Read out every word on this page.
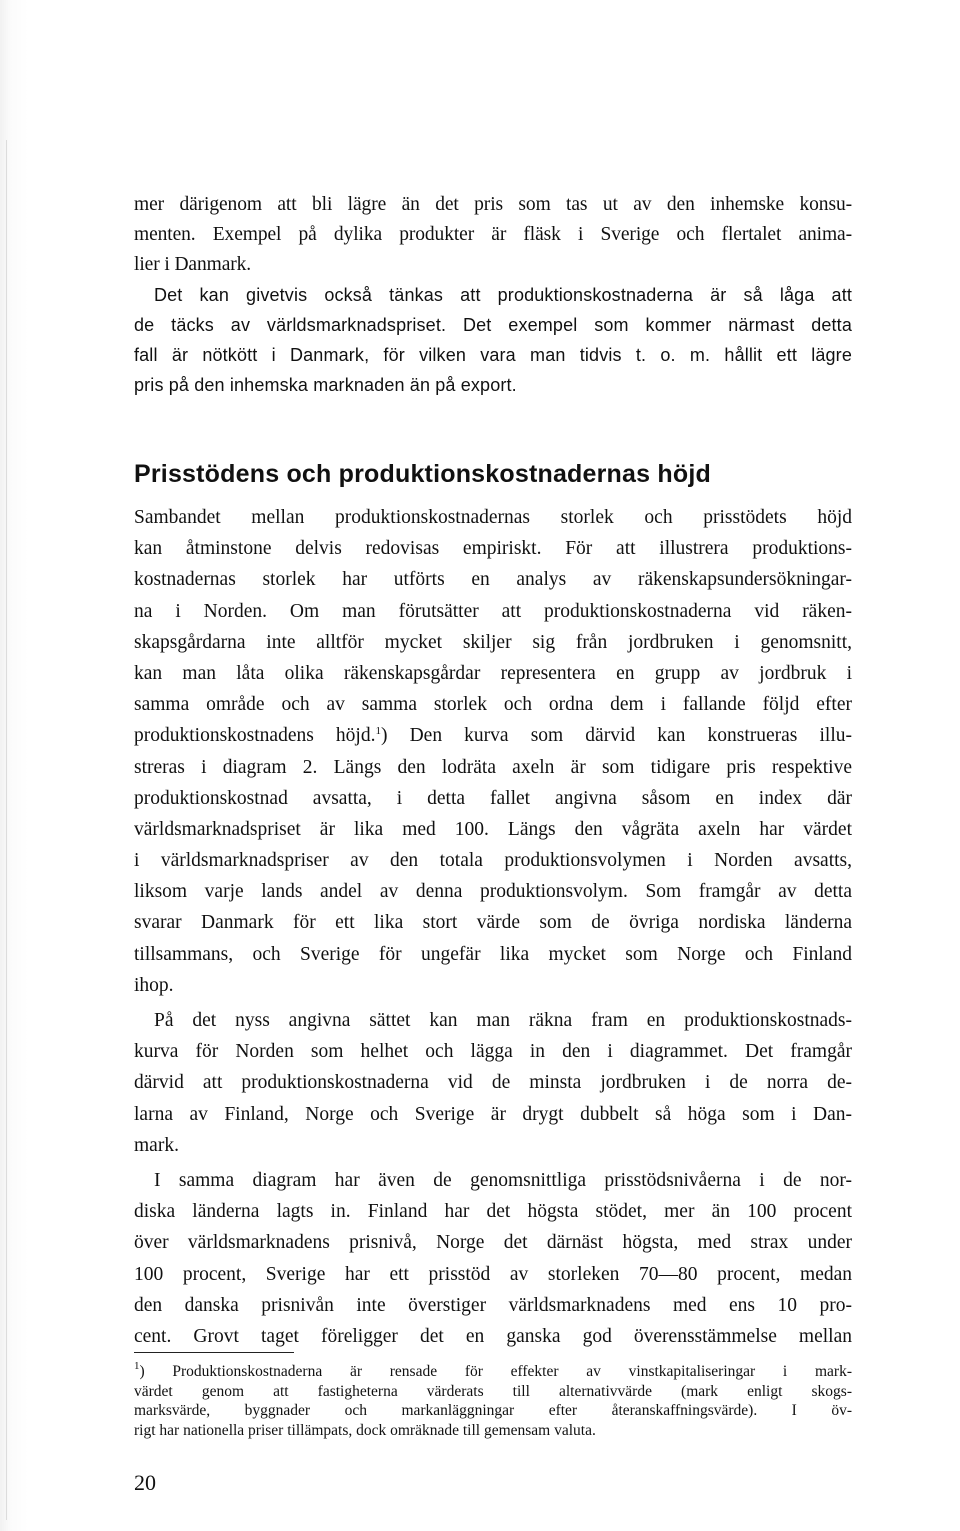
mer därigenom att bli lägre än det pris som tas ut av den inhemske konsu-
menten. Exempel på dylika produkter är fläsk i Sverige och flertalet anima-
lier i Danmark.
Det kan givetvis också tänkas att produktionskostnaderna är så låga att
de täcks av världsmarknadspriset. Det exempel som kommer närmast detta
fall är nötkött i Danmark, för vilken vara man tidvis t. o. m. hållit ett lägre
pris på den inhemska marknaden än på export.
Prisstödens och produktionskostnadernas höjd
Sambandet mellan produktionskostnadernas storlek och prisstödets höjd
kan åtminstone delvis redovisas empiriskt. För att illustrera produktions-
kostnadernas storlek har utförts en analys av räkenskapsundersökningar-
na i Norden. Om man förutsätter att produktionskostnaderna vid räken-
skapsgårdarna inte alltför mycket skiljer sig från jordbruken i genomsnitt,
kan man låta olika räkenskapsgårdar representera en grupp av jordbruk i
samma område och av samma storlek och ordna dem i fallande följd efter
produktionskostnadens höjd.$^1$) Den kurva som därvid kan konstrueras illu-
streras i diagram 2. Längs den lodräta axeln är som tidigare pris respektive
produktionskostnad avsatta, i detta fallet angivna såsom en index där
världsmarknadspriset är lika med 100. Längs den vågräta axeln har värdet
i världsmarknadspriser av den totala produktionsvolymen i Norden avsatts,
liksom varje lands andel av denna produktionsvolym. Som framgår av detta
svarar Danmark för ett lika stort värde som de övriga nordiska länderna
tillsammans, och Sverige för ungefär lika mycket som Norge och Finland
ihop.
På det nyss angivna sättet kan man räkna fram en produktionskostnads-
kurva för Norden som helhet och lägga in den i diagrammet. Det framgår
därvid att produktionskostnaderna vid de minsta jordbruken i de norra de-
larna av Finland, Norge och Sverige är drygt dubbelt så höga som i Dan-
mark.
I samma diagram har även de genomsnittliga prisstödsnivåerna i de nor-
diska länderna lagts in. Finland har det högsta stödet, mer än 100 procent
över världsmarknadens prisnivå, Norge det därnäst högsta, med strax under
100 procent, Sverige har ett prisstöd av storleken 70—80 procent, medan
den danska prisnivån inte överstiger världsmarknadens med ens 10 pro-
cent. Grovt taget föreligger det en ganska god överensstämmelse mellan
$^1$) Produktionskostnaderna är rensade för effekter av vinstkapitaliseringar i mark-
värdet genom att fastigheterna värderats till alternativvärde (mark enligt skogs-
marksvärde, byggnader och markanläggningar efter återanskaffningsvärde). I öv-
rigt har nationella priser tillämpats, dock omräknade till gemensam valuta.
20
